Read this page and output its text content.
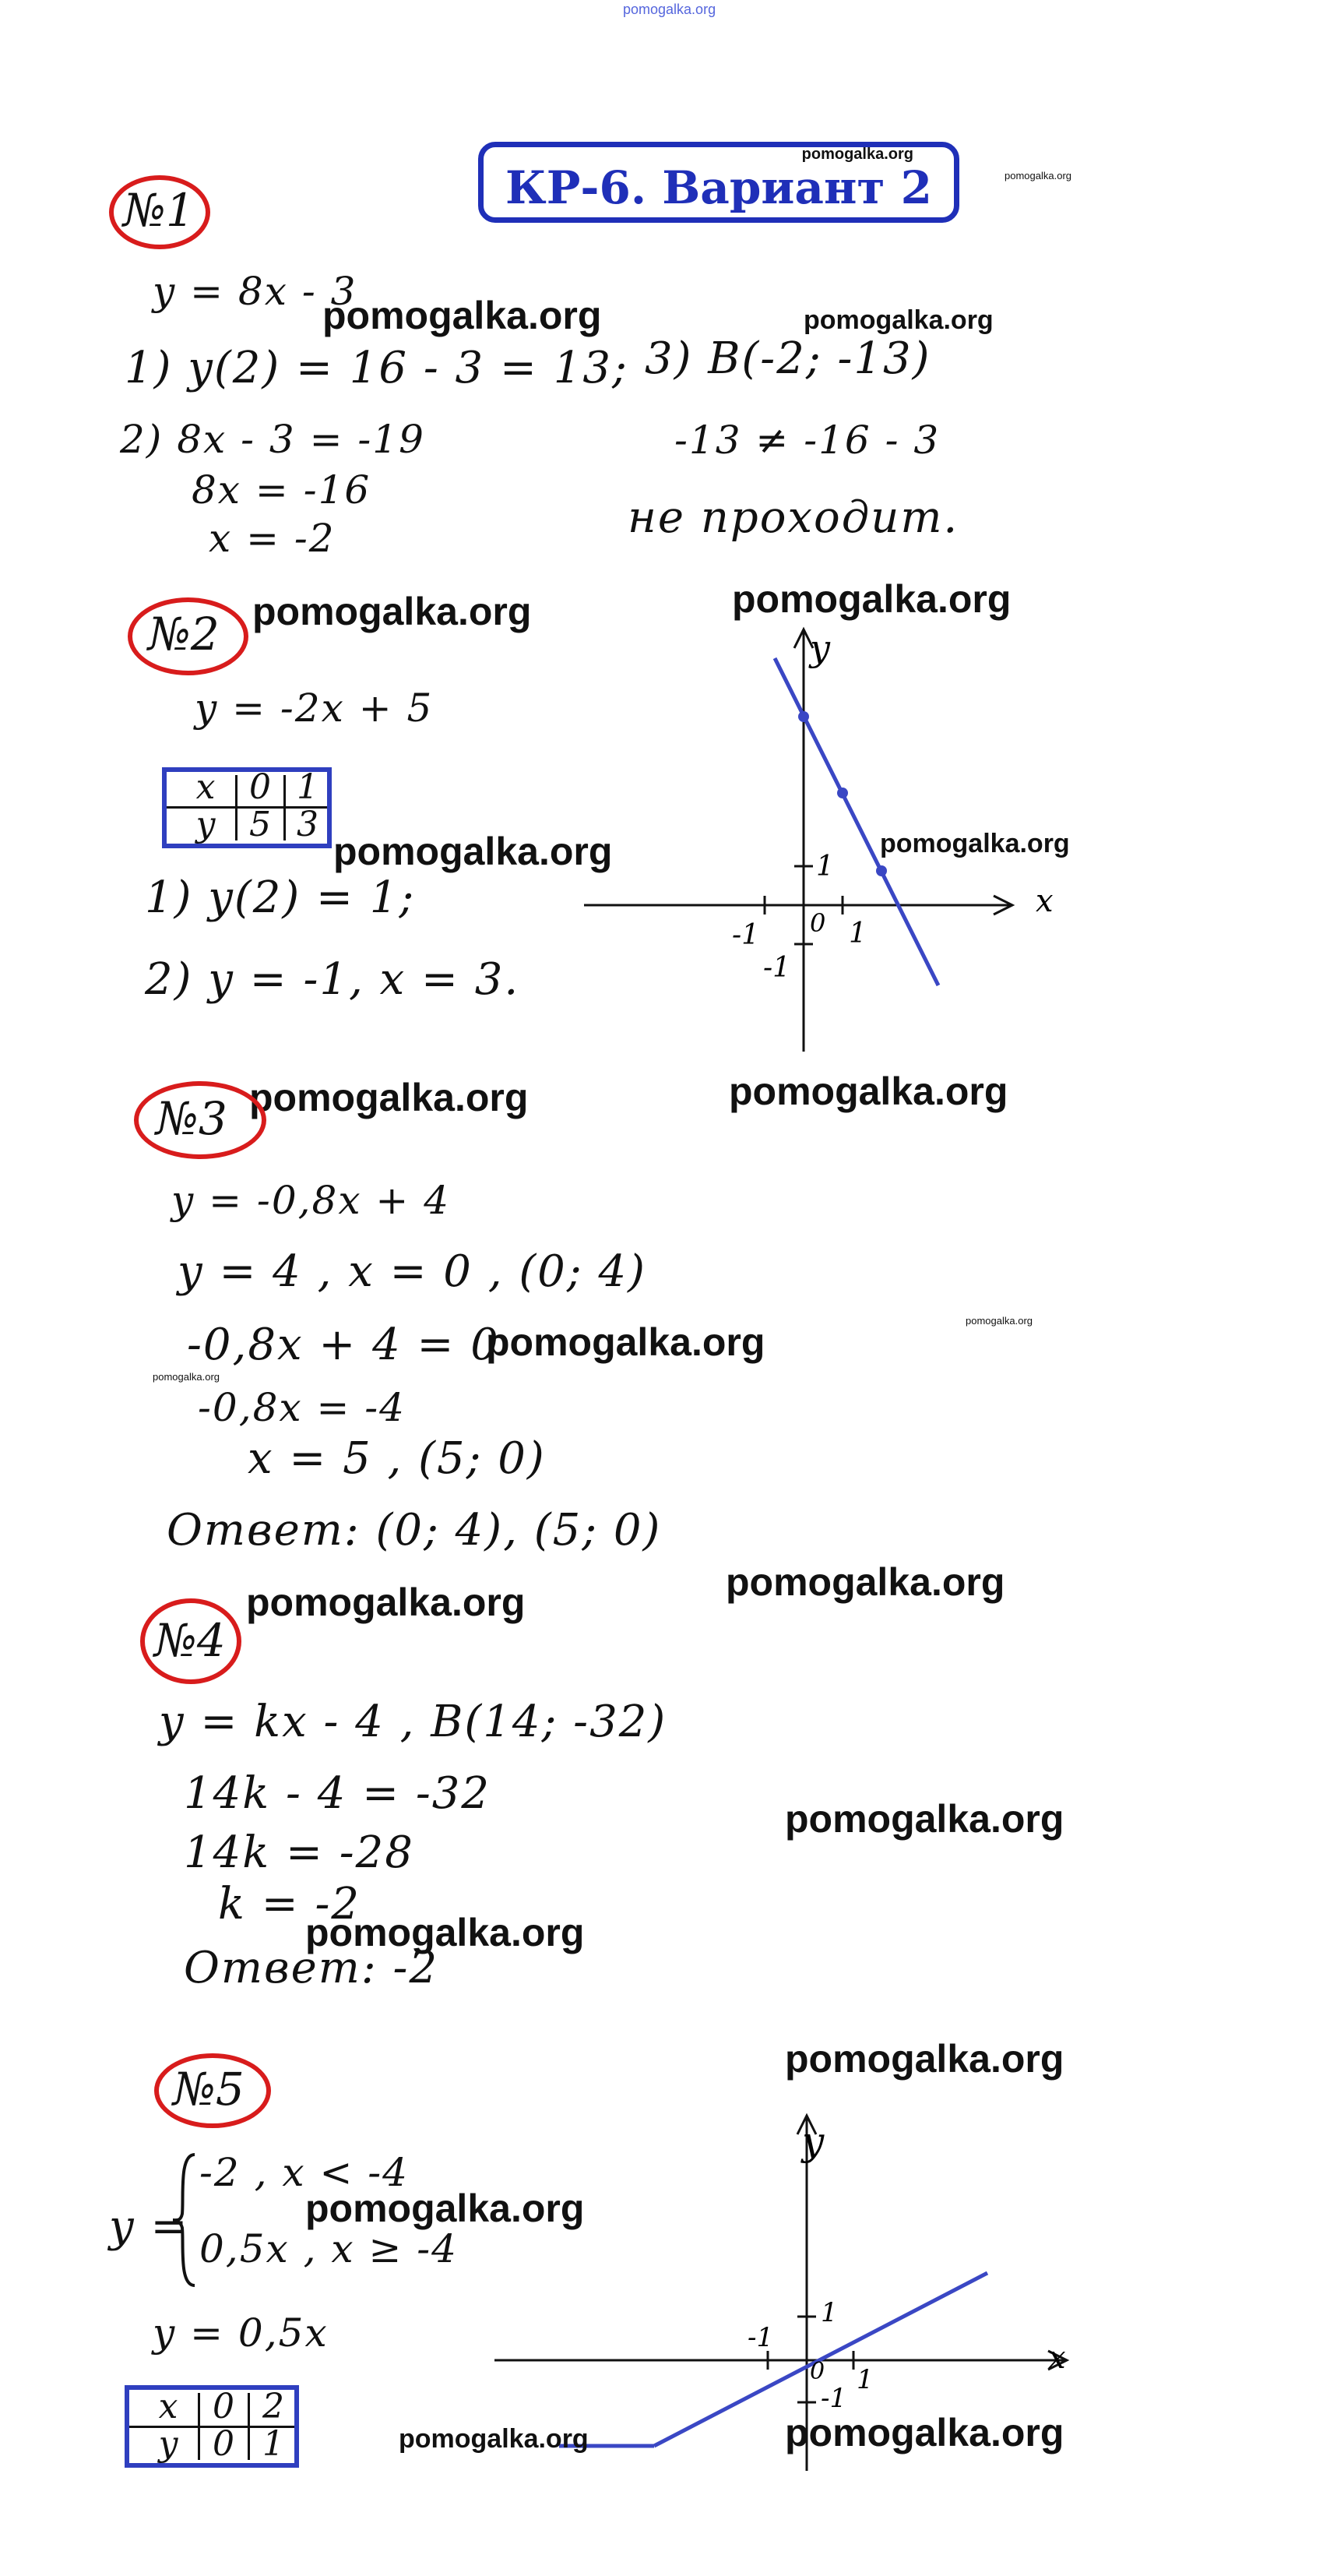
pomogalka.org
КР-6. Вариант 2
pomogalka.org
pomogalka.org
№1
y = 8x - 3
1) y(2) = 16 - 3 = 13;
2) 8x - 3 = -19
8x = -16
x = -2
3) B(-2; -13)
-13 ≠ -16 - 3
не проходит.
pomogalka.org	pomogalka.org
№2
y = -2x + 5
x 0 1
y 5 3
1) y(2) = 1;
2) y = -1, x = 3.
x
y
1
1
-1
-1
0
pomogalka.org	pomogalka.org
pomogalka.org	pomogalka.org
pomogalka.org	pomogalka.org
№3
y = -0,8x + 4
y = 4 , x = 0 , (0; 4)
-0,8x + 4 = 0
-0,8x = -4
x = 5 , (5; 0)
Ответ: (0; 4), (5; 0)
pomogalka.org	pomogalka.org
pomogalka.org
pomogalka.org	pomogalka.org
№4
y = kx - 4 , B(14; -32)
14k - 4 = -32
14k = -28
k = -2
Ответ: -2
pomogalka.org
pomogalka.org
pomogalka.org
№5
y =
-2 , x < -4
0,5x , x ≥ -4
y = 0,5x
x	0 2
y	0 1
x
y
1
1
-1
-1
0
pomogalka.org
pomogalka.org
pomogalka.org
